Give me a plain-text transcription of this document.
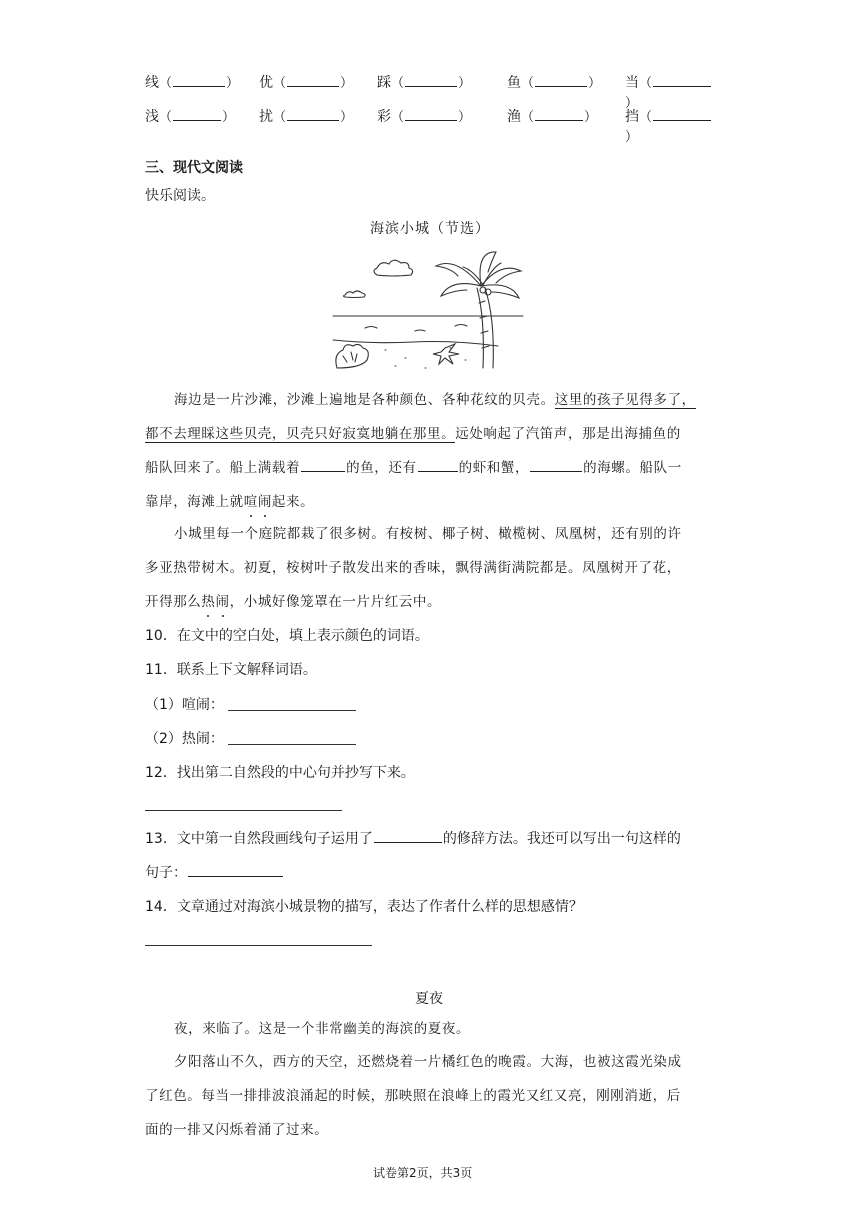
线（	） 优（	） 踩（	）	鱼（	） 当（）
浅（	） 扰（	） 彩（	）	渔（	） 挡（）
三、现代文阅读
快乐阅读。
海滨小城（节选）
海边是一片沙滩，沙滩上遍地是各种颜色、各种花纹的贝壳。这里的孩子见得多了，
都不去理睬这些贝壳，贝壳只好寂寞地躺在那里。远处响起了汽笛声，那是出海捕鱼的
船队回来了。船上满载着	的鱼，还有	的虾和蟹，	的海螺。船队一
靠岸，海滩上就喧闹起来。
小城里每一个庭院都栽了很多树。有桉树、椰子树、橄榄树、凤凰树，还有别的许
多亚热带树木。初夏，桉树叶子散发出来的香味，飘得满街满院都是。凤凰树开了花，
开得那么热闹，小城好像笼罩在一片片红云中。
10．在文中的空白处，填上表示颜色的词语。
11．联系上下文解释词语。
（1）喧闹：
（2）热闹：
12．找出第二自然段的中心句并抄写下来。
13．文中第一自然段画线句子运用了	的修辞方法。我还可以写出一句这样的
句子：
14．文章通过对海滨小城景物的描写，表达了作者什么样的思想感情？
夏夜
夜，来临了。这是一个非常幽美的海滨的夏夜。
夕阳落山不久，西方的天空，还燃烧着一片橘红色的晚霞。大海，也被这霞光染成
了红色。每当一排排波浪涌起的时候，那映照在浪峰上的霞光又红又亮，刚刚消逝，后
面的一排又闪烁着涌了过来。
试卷第2页，共3页
